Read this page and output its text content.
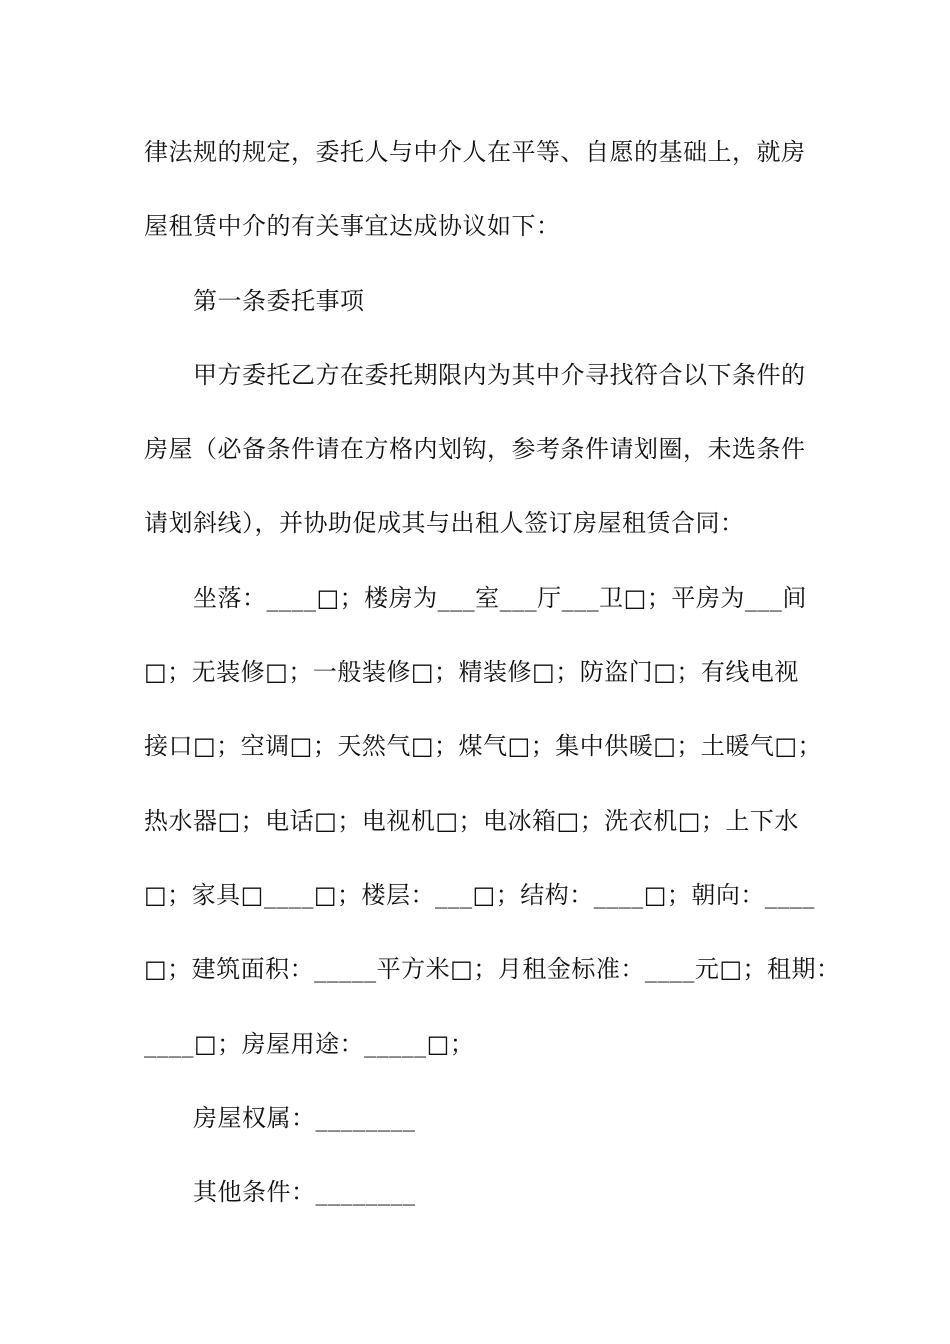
律法规的规定，委托人与中介人在平等、自愿的基础上，就房
屋租赁中介的有关事宜达成协议如下：
第一条委托事项
甲方委托乙方在委托期限内为其中介寻找符合以下条件的
房屋（必备条件请在方格内划钩，参考条件请划圈，未选条件
请划斜线），并协助促成其与出租人签订房屋租赁合同：
坐落：____□；楼房为___室___厅___卫□；平房为___间
□；无装修□；一般装修□；精装修□；防盗门□；有线电视
接口□；空调□；天然气□；煤气□；集中供暖□；土暖气□；
热水器□；电话□；电视机□；电冰箱□；洗衣机□；上下水
□；家具□____□；楼层：___□；结构：____□；朝向：____
□；建筑面积：_____平方米□；月租金标准：____元□；租期：
____□；房屋用途：_____□；
房屋权属：________
其他条件：________
